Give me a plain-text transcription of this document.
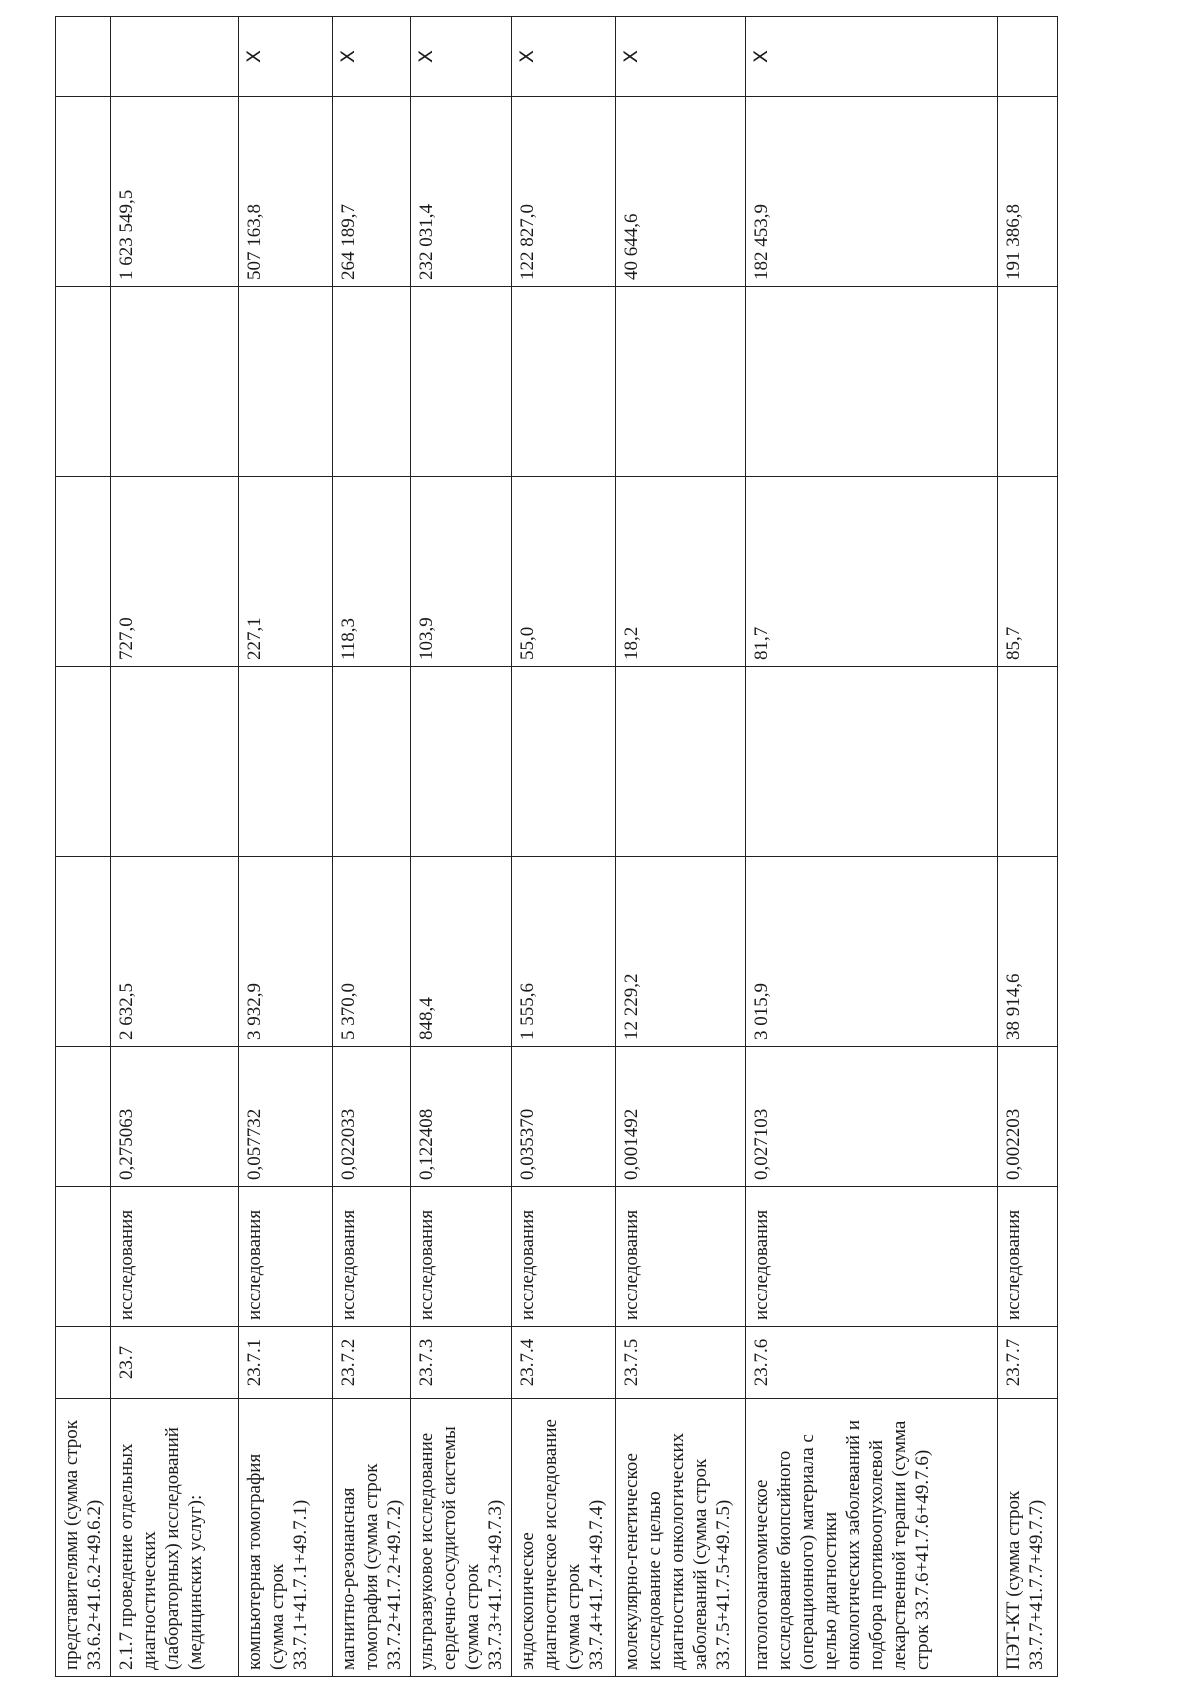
представителями (сумма строк 33.6.2+41.6.2+49.6.2)									
2.1.7 проведение отдельных диагностических (лабораторных) исследований (медицинских услуг):	23.7	исследования	0,275063	2 632,5		727,0		1 623 549,5	
компьютерная томография (сумма строк 33.7.1+41.7.1+49.7.1)	23.7.1	исследования	0,057732	3 932,9		227,1		507 163,8	Х
магнитно-резонансная томография (сумма строк 33.7.2+41.7.2+49.7.2)	23.7.2	исследования	0,022033	5 370,0		118,3		264 189,7	Х
ультразвуковое исследование сердечно-сосудистой системы (сумма строк 33.7.3+41.7.3+49.7.3)	23.7.3	исследования	0,122408	848,4		103,9		232 031,4	Х
эндоскопическое диагностическое исследование (сумма строк 33.7.4+41.7.4+49.7.4)	23.7.4	исследования	0,035370	1 555,6		55,0		122 827,0	Х
молекулярно-генетическое исследование с целью диагностики онкологических заболеваний (сумма строк 33.7.5+41.7.5+49.7.5)	23.7.5	исследования	0,001492	12 229,2		18,2		40 644,6	Х
патологоанатомическое исследование биопсийного (операционного) материала с целью диагностики онкологических заболеваний и подбора противоопухолевой лекарственной терапии (сумма строк 33.7.6+41.7.6+49.7.6)	23.7.6	исследования	0,027103	3 015,9		81,7		182 453,9	Х

ПЭТ-КТ (сумма строк 33.7.7+41.7.7+49.7.7)	23.7.7	исследования	0,002203	38 914,6		85,7		191 386,8	
